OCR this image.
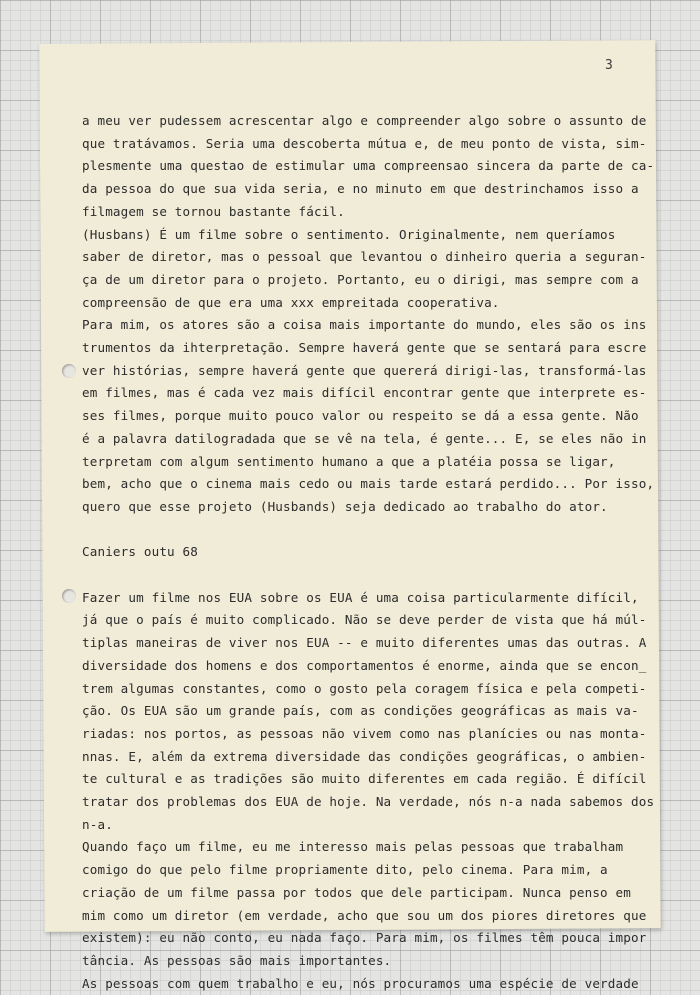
3
a meu ver pudessem acrescentar algo e compreender algo sobre o assunto de
que tratávamos. Seria uma descoberta mútua e, de meu ponto de vista, sim-
plesmente uma questao de estimular uma compreensao sincera da parte de ca-
da pessoa do que sua vida seria, e no minuto em que destrinchamos isso a
filmagem se tornou bastante fácil.
(Husbans) É um filme sobre o sentimento. Originalmente, nem queríamos
saber de diretor, mas o pessoal que levantou o dinheiro queria a seguran-
ça de um diretor para o projeto. Portanto, eu o dirigi, mas sempre com a
compreensão de que era uma xxx empreitada cooperativa.
Para mim, os atores são a coisa mais importante do mundo, eles são os ins
trumentos da ihterpretação. Sempre haverá gente que se sentará para escre
ver histórias, sempre haverá gente que quererá dirigi-las, transformá-las
em filmes, mas é cada vez mais difícil encontrar gente que interprete es-
ses filmes, porque muito pouco valor ou respeito se dá a essa gente. Não
é a palavra datilogradada que se vê na tela, é gente... E, se eles não in
terpretam com algum sentimento humano a que a platéia possa se ligar,
bem, acho que o cinema mais cedo ou mais tarde estará perdido... Por isso,
quero que esse projeto (Husbands) seja dedicado ao trabalho do ator.
Caniers outu 68
Fazer um filme nos EUA sobre os EUA é uma coisa particularmente difícil,
já que o país é muito complicado. Não se deve perder de vista que há múl-
tiplas maneiras de viver nos EUA -- e muito diferentes umas das outras. A
diversidade dos homens e dos comportamentos é enorme, ainda que se encon_
trem algumas constantes, como o gosto pela coragem física e pela competi-
ção. Os EUA são um grande país, com as condições geográficas as mais va-
riadas: nos portos, as pessoas não vivem como nas planícies ou nas monta-
nnas. E, além da extrema diversidade das condições geográficas, o ambien-
te cultural e as tradições são muito diferentes em cada região. É difícil
tratar dos problemas dos EUA de hoje. Na verdade, nós n-a nada sabemos dos
n-a.
Quando faço um filme, eu me interesso mais pelas pessoas que trabalham
comigo do que pelo filme propriamente dito, pelo cinema. Para mim, a
criação de um filme passa por todos que dele participam. Nunca penso em
mim como um diretor (em verdade, acho que sou um dos piores diretores que
existem): eu não conto, eu nada faço. Para mim, os filmes têm pouca impor
tância. As pessoas são mais importantes.
As pessoas com quem trabalho e eu, nós procuramos uma espécie de verdade
